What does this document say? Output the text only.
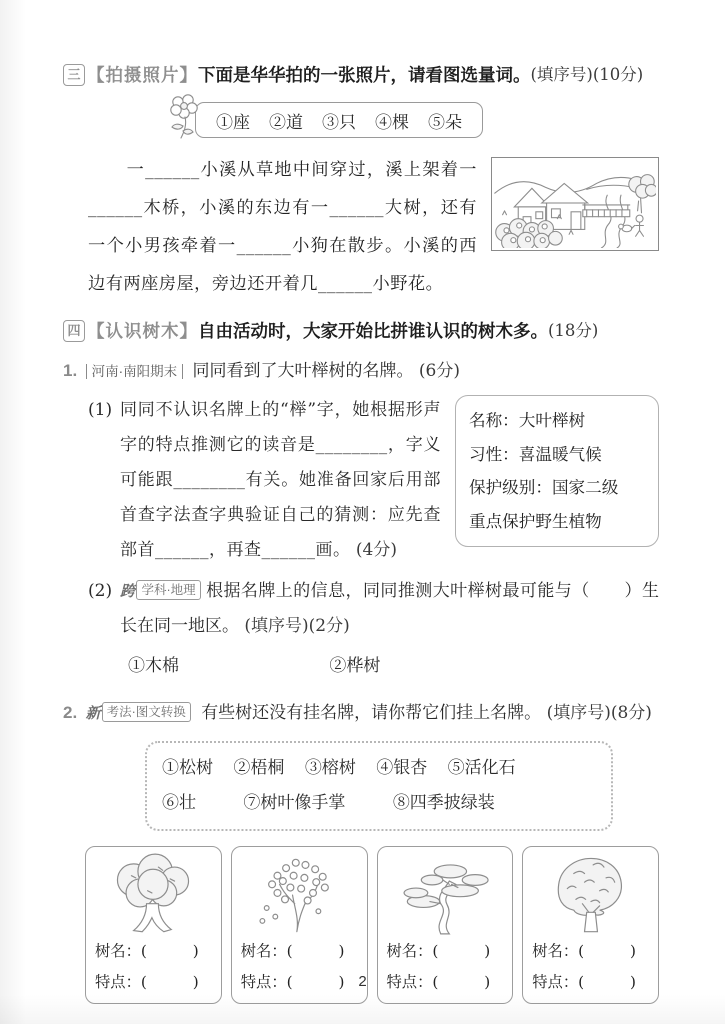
三 【拍摄照片】 下面是华华拍的一张照片，请看图选量词。 (填序号)(10分)
①座 ②道 ③只 ④棵 ⑤朵
一______小溪从草地中间穿过，溪上架着一______木桥，小溪的东边有一______大树，还有一个小男孩牵着一______小狗在散步。小溪的西边有两座房屋，旁边还开着几______小野花。
四 【认识树木】 自由活动时，大家开始比拼谁认识的树木多。 (18分)
1. 河南·南阳期末 同同看到了大叶榉树的名牌。 (6分)
(1)
名称：大叶榉树
习性：喜温暖气候
保护级别：国家二级
重点保护野生植物
同同不认识名牌上的“榉”字，她根据形声字的特点推测它的读音是________，字义可能跟________有关。她准备回家后用部首查字法查字典验证自己的猜测：应先查部首______，再查______画。 (4分)
(2) 跨 学科·地理 根据名牌上的信息，同同推测大叶榉树最可能与（　　）生长在同一地区。 (填序号)(2分)
①木棉	②桦树
2. 新 考法·图文转换 有些树还没有挂名牌，请你帮它们挂上名牌。 (填序号)(8分)
①松树 ②梧桐 ③榕树 ④银杏 ⑤活化石
⑥壮	⑦树叶像手掌	⑧四季披绿装
树名：(　　　)
特点：(　　　)
树名：(　　　)
特点：(　　　)
树名：(　　　)
特点：(　　　)
树名：(　　　)
特点：(　　　)
2
